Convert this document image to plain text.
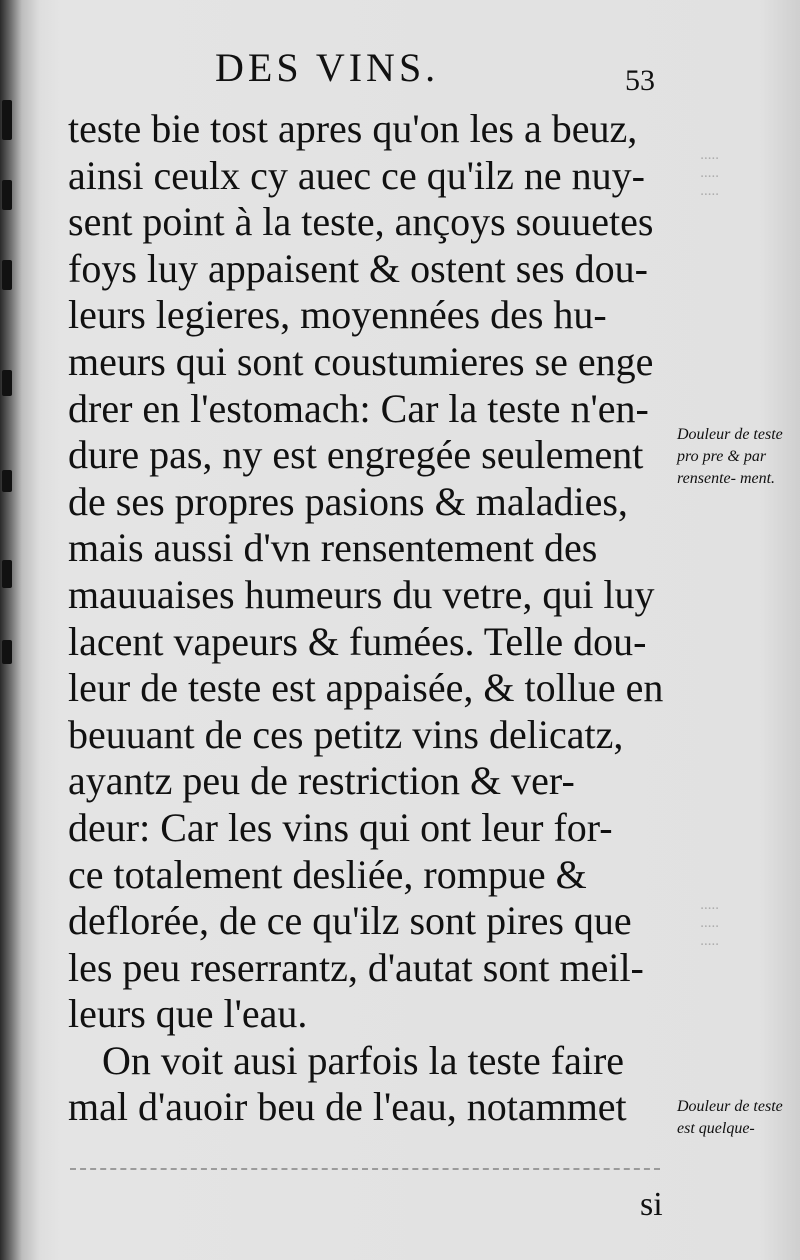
DES VINS.	53
teste bie tost apres qu'on les a beuz,
ainsi ceulx cy auec ce qu'ilz ne nuy-
sent point à la teste, ançoys souuetes
foys luy appaisent & ostent ses dou-
leurs legieres, moyennées des hu-
meurs qui sont coustumieres se enge
drer en l'estomach: Car la teste n'en-
dure pas, ny est engregée seulement
de ses propres pasions & maladies,
mais aussi d'vn rensentement des
mauuaises humeurs du vetre, qui luy
lacent vapeurs & fumées. Telle dou-
leur de teste est appaisée, & tollue en
beuuant de ces petitz vins delicatz,
ayantz peu de restriction & ver-
deur: Car les vins qui ont leur for-
ce totalement desliée, rompue &
deflorée, de ce qu'ilz sont pires que
les peu reserrantz, d'autat sont meil-
leurs que l'eau.
On voit ausi parfois la teste faire
mal d'auoir beu de l'eau, notammet
Douleur de teste pro pre & par rensente- ment.
Douleur de teste est quelque-
·····
·····
·····
·····
·····
·····
si
